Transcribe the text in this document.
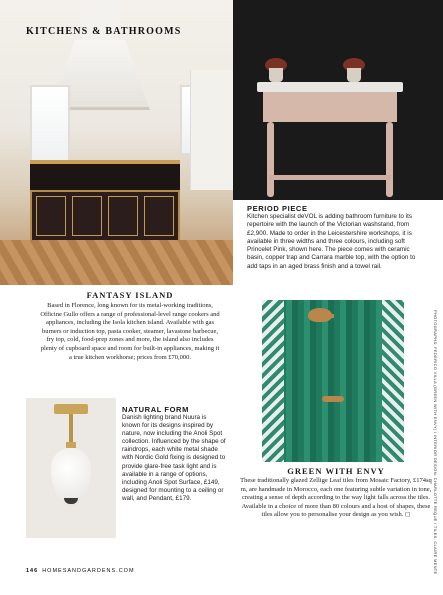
KITCHENS & BATHROOMS
PERIOD PIECE
Kitchen specialist deVOL is adding bathroom furniture to its repertoire with the launch of the Victorian washstand, from £2,900. Made to order in the Leicestershire workshops, it is available in three widths and three colours, including soft Princelet Pink, shown here. The piece comes with ceramic basin, copper trap and Carrara marble top, with the option to add taps in an aged brass finish and a towel rail.
FANTASY ISLAND
Based in Florence, long known for its metal-working traditions, Officine Gullo offers a range of professional-level range cookers and appliances, including the Isola kitchen island. Available with gas burners or induction top, pasta cooker, steamer, lavastone barbecue, fry top, cold, food-prep zones and more, the island also includes plenty of cupboard space and room for built-in appliances, making it a true kitchen workhorse; prices from £70,000.
NATURAL FORM
Danish lighting brand Nuura is known for its designs inspired by nature, now including the Anoli Spot collection. Influenced by the shape of raindrops, each white metal shade with Nordic Gold fixing is designed to provide glare-free task light and is available in a range of options, including Anoli Spot Surface, £149, designed for mounting to a ceiling or wall, and Pendant, £179.	PHOTOGRAPHS: FEDERICO VILLA (GREEN WITH ENVY) / INTERIOR DESIGN: CHARLOTTE REQUE / TILES: CLAIRE MENTE
GREEN WITH ENVY
These traditionally glazed Zellige Leaf tiles from Mosaic Factory, £174sq m, are handmade in Morocco, each one featuring subtle variation in tone, creating a sense of depth according to the way light falls across the tiles. Available in a choice of more than 80 colours and a host of shapes, these tiles allow you to personalise your design as you wish. ◻
146 HOMESANDGARDENS.COM
